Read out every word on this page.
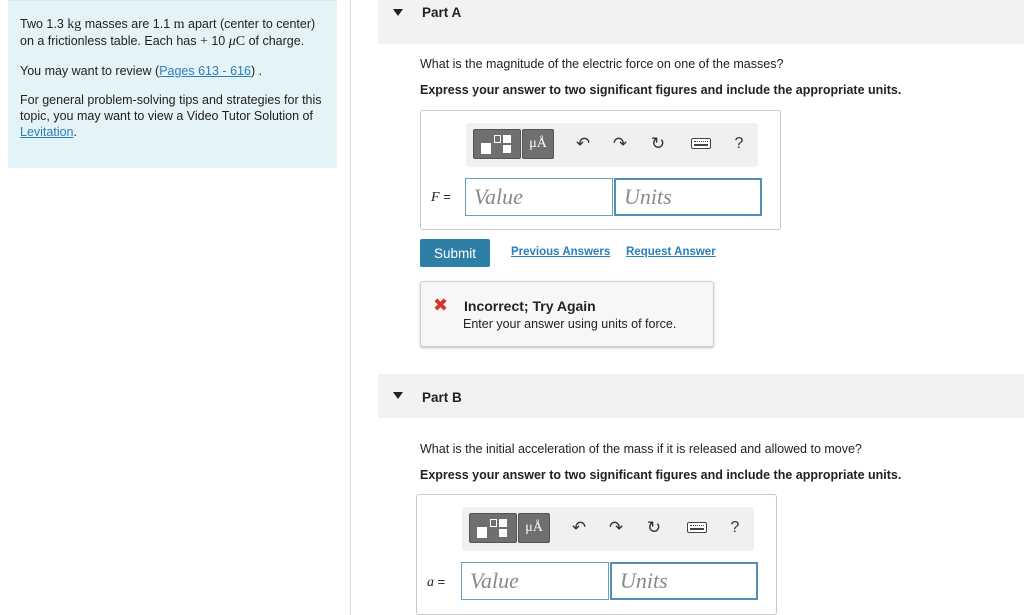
Two 1.3 kg masses are 1.1 m apart (center to center) on a frictionless table. Each has + 10 μC of charge.

You may want to review (Pages 613 - 616) .

For general problem-solving tips and strategies for this topic, you may want to view a Video Tutor Solution of Levitation.

Part A
What is the magnitude of the electric force on one of the masses?
Express your answer to two significant figures and include the appropriate units.
μÅ	↶ ↷ ↻	?
F =
Value
Units
Submit	Previous Answers Request Answer
✖ Incorrect; Try Again
Enter your answer using units of force.
Part B
What is the initial acceleration of the mass if it is released and allowed to move?
Express your answer to two significant figures and include the appropriate units.
μÅ	↶ ↷ ↻	?
a =
Value
Units
